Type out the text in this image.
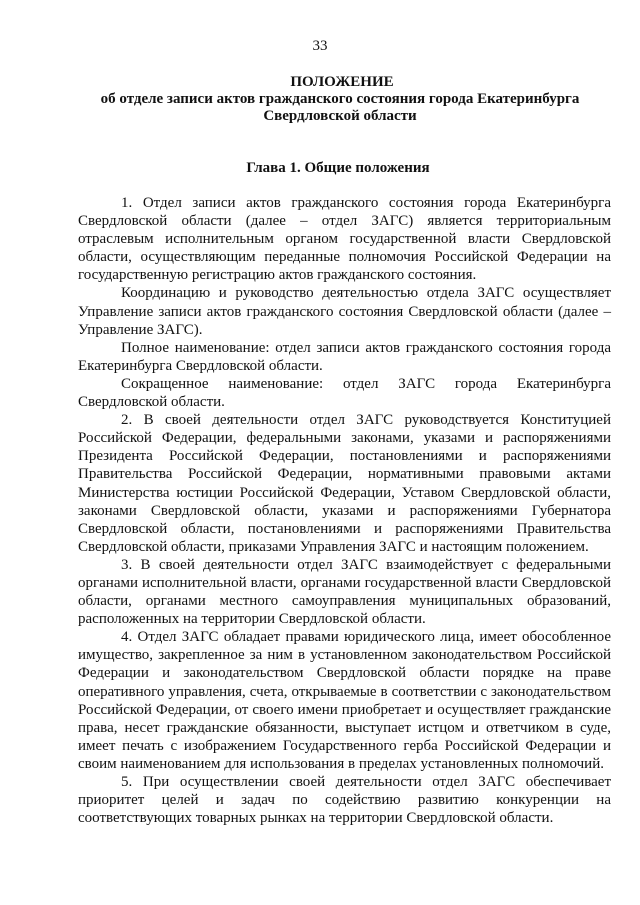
33
ПОЛОЖЕНИЕ
об отделе записи актов гражданского состояния города Екатеринбурга
Свердловской области
Глава 1. Общие положения

1. Отдел записи актов гражданского состояния города Екатеринбурга Свердловской области (далее – отдел ЗАГС) является территориальным отраслевым исполнительным органом государственной власти Свердловской области, осуществляющим переданные полномочия Российской Федерации на государственную регистрацию актов гражданского состояния.

Координацию и руководство деятельностью отдела ЗАГС осуществляет Управление записи актов гражданского состояния Свердловской области (далее – Управление ЗАГС).

Полное наименование: отдел записи актов гражданского состояния города Екатеринбурга Свердловской области.

Сокращенное наименование: отдел ЗАГС города Екатеринбурга Свердловской области.

2. В своей деятельности отдел ЗАГС руководствуется Конституцией Российской Федерации, федеральными законами, указами и распоряжениями Президента Российской Федерации, постановлениями и распоряжениями Правительства Российской Федерации, нормативными правовыми актами Министерства юстиции Российской Федерации, Уставом Свердловской области, законами Свердловской области, указами и распоряжениями Губернатора Свердловской области, постановлениями и распоряжениями Правительства Свердловской области, приказами Управления ЗАГС и настоящим положением.

3. В своей деятельности отдел ЗАГС взаимодействует с федеральными органами исполнительной власти, органами государственной власти Свердловской области, органами местного самоуправления муниципальных образований, расположенных на территории Свердловской области.

4. Отдел ЗАГС обладает правами юридического лица, имеет обособленное имущество, закрепленное за ним в установленном законодательством Российской Федерации и законодательством Свердловской области порядке на праве оперативного управления, счета, открываемые в соответствии с законодательством Российской Федерации, от своего имени приобретает и осуществляет гражданские права, несет гражданские обязанности, выступает истцом и ответчиком в суде, имеет печать с изображением Государственного герба Российской Федерации и своим наименованием для использования в пределах установленных полномочий.

5. При осуществлении своей деятельности отдел ЗАГС обеспечивает приоритет целей и задач по содействию развитию конкуренции на соответствующих товарных рынках на территории Свердловской области.
